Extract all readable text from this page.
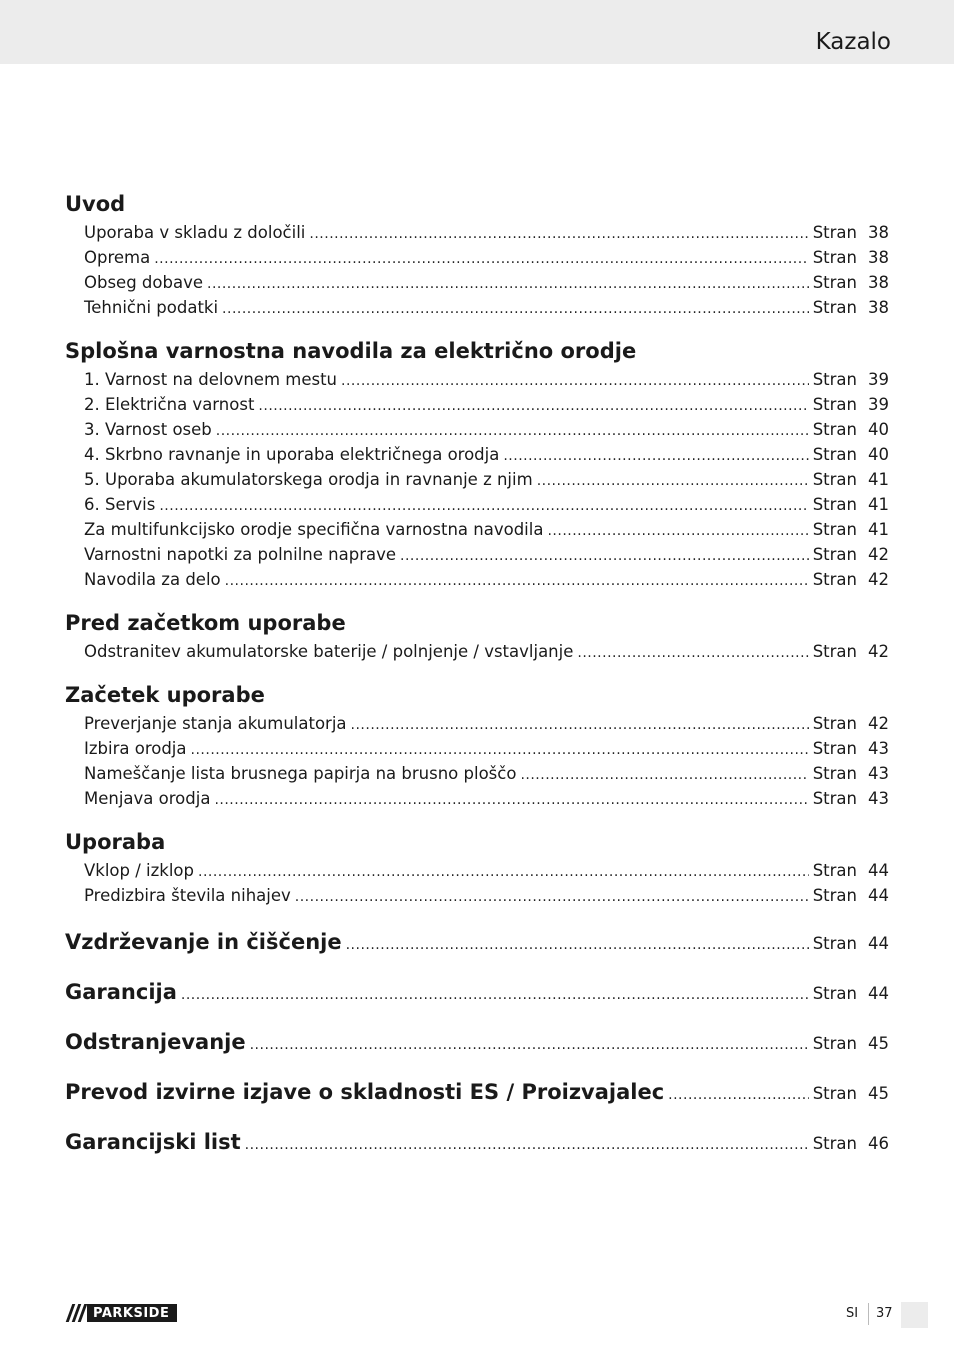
Kazalo
Uvod
Uporaba v skladu z določili .....	Stran 38
Oprema .....	Stran 38
Obseg dobave .....	Stran 38
Tehnični podatki .....	Stran 38
Splošna varnostna navodila za električno orodje
1. Varnost na delovnem mestu .....	Stran 39
2. Električna varnost .....	Stran 39
3. Varnost oseb .....	Stran 40
4. Skrbno ravnanje in uporaba električnega orodja .....	Stran 40
5. Uporaba akumulatorskega orodja in ravnanje z njim .....	Stran 41
6. Servis .....	Stran 41
Za multifunkcijsko orodje specifična varnostna navodila .....	Stran 41
Varnostni napotki za polnilne naprave .....	Stran 42
Navodila za delo .....	Stran 42
Pred začetkom uporabe
Odstranitev akumulatorske baterije / polnjenje / vstavljanje .....	Stran 42
Začetek uporabe
Preverjanje stanja akumulatorja .....	Stran 42
Izbira orodja .....	Stran 43
Nameščanje lista brusnega papirja na brusno ploščo .....	Stran 43
Menjava orodja .....	Stran 43
Uporaba
Vklop / izklop .....	Stran 44
Predizbira števila nihajev .....	Stran 44
Vzdrževanje in čiščenje .....	Stran 44
Garancija .....	Stran 44
Odstranjevanje .....	Stran 45
Prevod izvirne izjave o skladnosti ES / Proizvajalec .....	Stran 45
Garancijski list .....	Stran 46
PARKSIDE	SI 37
